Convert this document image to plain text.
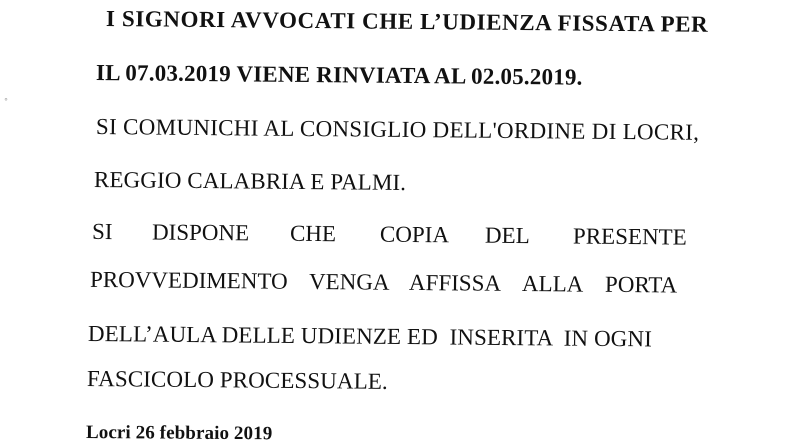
°

I SIGNORI AVVOCATI CHE L’UDIENZA FISSATA PER

IL 07.03.2019 VIENE RINVIATA AL 02.05.2019.

SI COMUNICHI AL CONSIGLIO DELL'ORDINE DI LOCRI,

REGGIO CALABRIA E PALMI.

SI DISPONE CHE COPIA DEL PRESENTE
PROVVEDIMENTO VENGA AFFISSA ALLA PORTA

DELL’AULA DELLE UDIENZE ED  INSERITA  IN OGNI

FASCICOLO PROCESSUALE.

Locri 26 febbraio 2019
